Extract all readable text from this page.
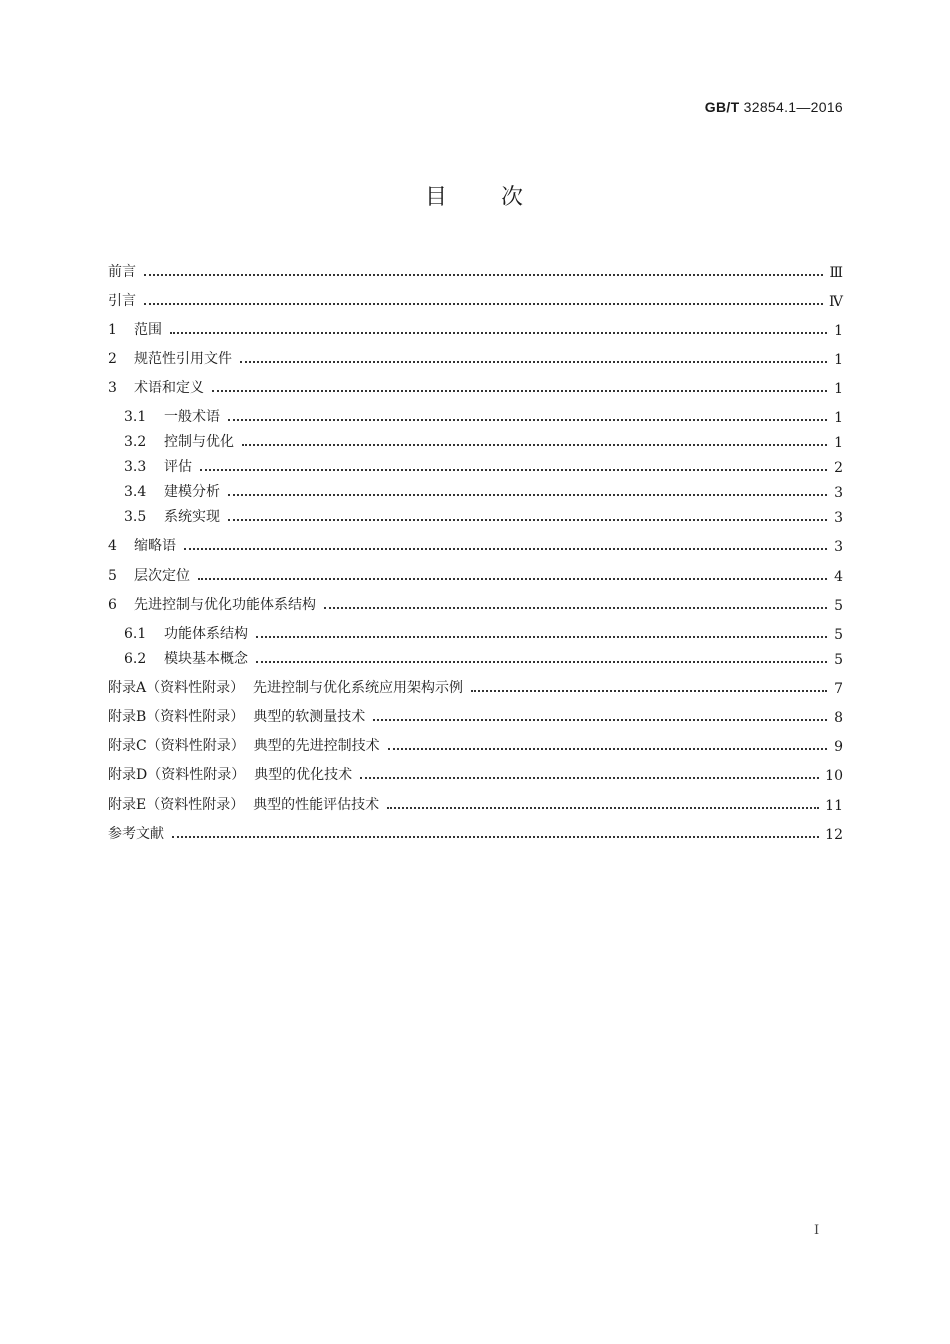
GB/T 32854.1—2016
目 次
前言	Ⅲ
引言	Ⅳ
1 范围	1
2 规范性引用文件	1
3 术语和定义	1
3.1 一般术语	1
3.2 控制与优化	1
3.3 评估	2
3.4 建模分析	3
3.5 系统实现	3
4 缩略语	3
5 层次定位	4
6 先进控制与优化功能体系结构	5
6.1 功能体系结构	5
6.2 模块基本概念	5
附录A（资料性附录）  先进控制与优化系统应用架构示例	7
附录B（资料性附录）  典型的软测量技术	8
附录C（资料性附录）  典型的先进控制技术	9
附录D（资料性附录）  典型的优化技术	10
附录E（资料性附录）  典型的性能评估技术	11
参考文献	12
I
